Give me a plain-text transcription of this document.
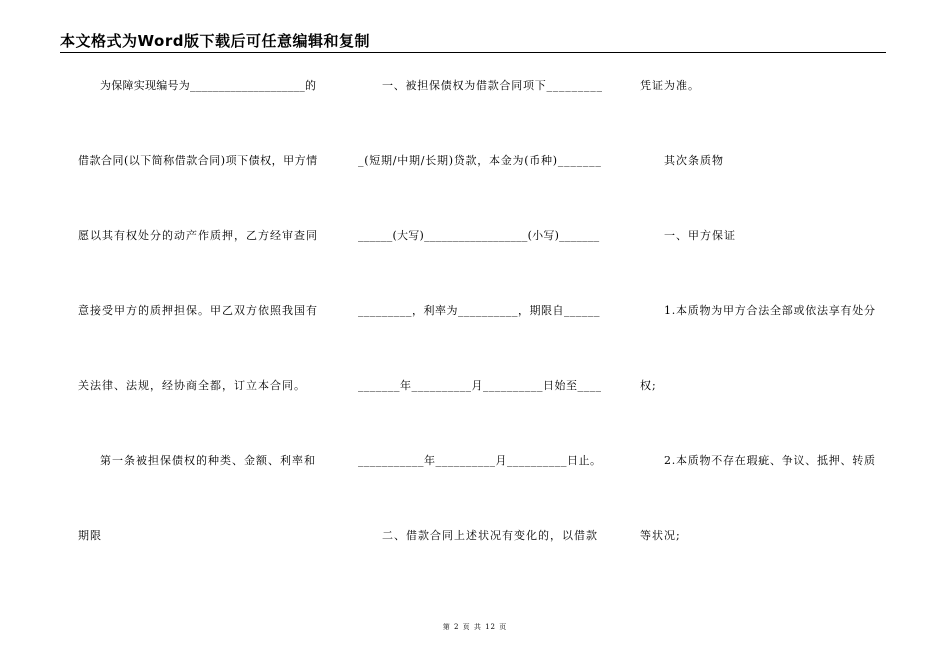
本文格式为Word版下载后可任意编辑和复制
为保障实现编号为____________________的
借款合同(以下简称借款合同)项下债权，甲方情
愿以其有权处分的动产作质押，乙方经审查同
意接受甲方的质押担保。甲乙双方依照我国有
关法律、法规，经协商全都，订立本合同。
第一条被担保债权的种类、金额、利率和
期限
一、被担保债权为借款合同项下_________
_(短期/中期/长期)贷款，本金为(币种)_______
______(大写)__________________(小写)_______
_________，利率为__________，期限自______
_______年__________月__________日始至____
___________年__________月__________日止。
二、借款合同上述状况有变化的，以借款
凭证为准。
其次条质物
一、甲方保证
1.本质物为甲方合法全部或依法享有处分
权;
2.本质物不存在瑕疵、争议、抵押、转质
等状况;
第 2 页 共 12 页
